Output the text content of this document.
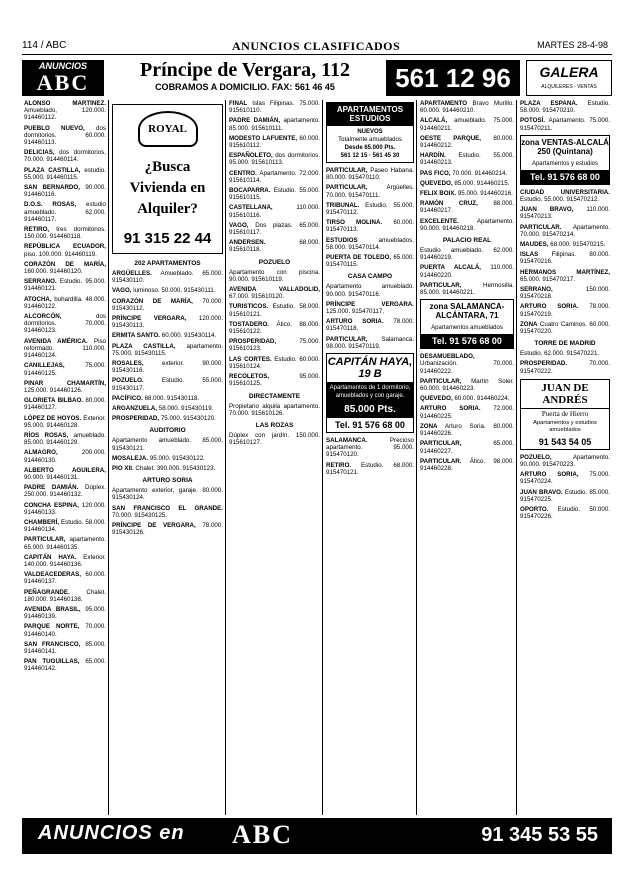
114 / ABC	ANUNCIOS CLASIFICADOS	MARTES 28-4-98
ANUNCIOS
ABC	Príncipe de Vergara, 112
COBRAMOS A DOMICILIO. FAX: 561 46 45	561 12 96	GALERA
ALQUILERES - VENTAS
ALONSO MARTÍNEZ. Amueblado, 120.000. 914460112.
PUEBLO NUEVO, dos dormitorios. 60.000. 914460113.
DELICIAS, dos dormitorios, 70.000. 914460114.
PLAZA CASTILLA, estudio. 55.000. 914460115.
SAN BERNARDO, 90.000. 914460116.
D.O.S. ROSAS, estudio amueblado. 62.000. 914460117.
RETIRO, tres dormitorios. 150.000. 914460118.
REPÚBLICA ECUADOR, piso. 100.000. 914460119.
CORAZÓN DE MARÍA, 160.000. 914460120.
SERRANO. Estudio. 95.000. 914460121.
ATOCHA, buhardilla. 48.000. 914460122.
ALCORCÓN,	dos dormitorios. 70.000. 914460123.
AVENIDA AMÉRICA. Piso reformado. 110.000. 914460124.
CANILLEJAS,	75.000. 914460125.
PINAR CHAMARTÍN, 125.000. 914460126.
GLORIETA BILBAO. 80.000. 914460127.
LÓPEZ DE HOYOS. Exterior. 95.000. 914460128.
RÍOS ROSAS, amueblado. 85.000. 914460129.
ALMAGRO,	200.000. 914460130.
ALBERTO AGUILERA, 90.000. 914460131.
PADRE DAMIÁN. Dúplex. 250.000. 914460132.
CONCHA ESPINA, 120.000. 914460133.
CHAMBERÍ, Estudio. 58.000. 914460134.
PARTICULAR, apartamento. 65.000. 914460135.
CAPITÁN HAYA. Exterior. 140.000. 914460136.
VALDEACEDERAS, 60.000. 914460137.
PEÑAGRANDE.	Chalet. 180.000. 914460138.
AVENIDA BRASIL, 95.000. 914460139.
PARQUE NORTE, 70.000. 914460140.
SAN FRANCISCO, 85.000. 914460141.
PAN TUGUILLAS, 65.000. 914460142.
ROYAL
¿Busca Vivienda en Alquiler?
91 315 22 44
202 APARTAMENTOS
ARGÜELLES. Amueblado. 65.000. 915430110.
VAGO, luminoso. 50.000. 915430111.
CORAZÓN DE MARÍA, 70.000. 915430112.
PRÍNCIPE VERGARA, 120.000. 915430113.
ERMITA SANTO. 60.000. 915430114.
PLAZA CASTILLA, apartamento. 75.000. 915430115.
ROSALES,	exterior. 90.000. 915430116.
POZUELO.	Estudio. 55.000. 915430117.
PACÍFICO. 68.000. 915430118.
ARGANZUELA, 58.000. 915430119.
PROSPERIDAD, 75.000. 915430120.
AUDITORIO
Apartamento amueblado. 85.000. 915430121.
MOSALEJA. 95.000. 915430122.
PIO XII. Chalet. 390.000. 915430123.
ARTURO SORIA
Apartamento exterior, garaje. 80.000. 915430124.
SAN FRANCISCO EL GRANDE. 70.000. 915430125.
PRÍNCIPE DE VERGARA, 78.000. 915430126.
FINAL Islas Filipinas. 75.000. 915610110.
PADRE DAMIÁN, apartamento. 85.000. 915610111.
MODESTO LAFUENTE, 60.000. 915610112.
ESPAÑOLETO, dos dormitorios. 95.000. 915610113.
CENTRO. Apartamento. 72.000. 915610114.
BOCAPARRA. Estudio. 55.000. 915610115.
CASTELLANA,	110.000. 915610116.
VAGO, Dos plazas. 65.000. 915610117.
ANDERSEN.	68.000. 915610118.
POZUELO
Apartamento con piscina. 90.000. 915610119.
AVENIDA VALLADOLID, 67.000. 915610120.
TURISTICOS. Estudio. 58.000. 915610121.
TOSTADERO. Ático. 88.000. 915610122.
PROSPERIDAD,	75.000. 915610123.
LAS CORTES. Estudio. 60.000. 915610124.
RECOLETOS,	95.000. 915610125.
DIRECTAMENTE
Propietario alquila apartamento. 70.000. 915610126.
LAS ROZAS
Dúplex con jardín. 150.000. 915610127.
APARTAMENTOS ESTUDIOS
NUEVOS
Totalmente amueblados
Desde 65.000 Pts.
561 12 15 · 561 45 30
PARTICULAR, Paseo Habana. 80.000. 915470110.
PARTICULAR,	Argüelles. 70.000. 915470111.
TRIBUNAL. Estudio. 55.000. 915470112.
TIRSO MOLINA. 60.000. 915470113.
ESTUDIOS	amueblados. 58.000. 915470114.
PUERTA DE TOLEDO, 65.000. 915470115.
CASA CAMPO
Apartamento amueblado. 90.000. 915470116.
PRÍNCIPE VERGARA. 125.000. 915470117.
ARTURO SORIA. 78.000. 915470118.
PARTICULAR, Salamanca. 98.000. 915470119.
CAPITÁN HAYA, 19 B
Apartamentos de 1 dormitorio, amueblados y con garaje.
85.000 Pts.
Tel. 91 576 68 00
SALAMANCA.	Precioso apartamento. 95.000. 915470120.
RETIRO. Estudio. 68.000. 915470121.
APARTAMENTO Bravo Murillo. 60.000. 914460210.
ALCALÁ, amueblado. 75.000. 914460211.
OESTE PARQUE, 80.000. 914460212.
HARDÍN. Estudio. 55.000. 914460213.
PAS FICO, 70.000. 914460214.
QUEVEDO, 85.000. 914460215.
FELIX BOIX. 95.000. 914460216.
RAMÓN CRUZ,	88.000. 914460217.
EXCELENTE.	Apartamento. 90.000. 914460218.
PALACIO REAL
Estudio amueblado. 62.000. 914460219.
PUERTA ALCALÁ, 110.000. 914460220.
PARTICULAR,	Hermosilla. 85.000. 914460221.
zona SALAMANCA-ALCÁNTARA, 71
Apartamentos amueblados
Tel. 91 576 68 00
DESAMUEBLADO, Urbanización. 70.000. 914460222.
PARTICULAR, Martín Soler. 60.000. 914460223.
QUEVEDO, 60.000. 914460224.
ARTURO SORIA. 72.000. 914460225.
ZONA Arturo Soria. 80.000. 914460226.
PARTICULAR,	65.000. 914460227.
PARTICULAR. Ático. 98.000. 914460228.
PLAZA ESPAÑA. Estudio. 58.000. 915470210.
POTOSÍ. Apartamento. 75.000. 915470211.
zona VENTAS-ALCALÁ 250 (Quintana)
Apartamentos y estudios
Tel. 91 576 68 00
CIUDAD UNIVERSITARIA. Estudio. 55.000. 915470212.
JUAN BRAVO, 110.000. 915470213.
PARTICULAR. Apartamento. 70.000. 915470214.
MAUDES, 68.000. 915470215.
ISLAS Filipinas. 80.000. 915470216.
HERMANOS MARTÍNEZ, 65.000. 915470217.
SERRANO,	150.000. 915470218.
ARTURO SORIA. 78.000. 915470219.
ZONA Cuatro Caminos. 60.000. 915470220.
TORRE DE MADRID
Estudio. 62.000. 915470221.
PROSPERIDAD.	70.000. 915470222.
JUAN DE ANDRÉS
Puerta de Hierro
Apartamentos y estudios amueblados
91 543 54 05
POZUELO,	Apartamento. 90.000. 915470223.
ARTURO SORIA, 75.000. 915470224.
JUAN BRAVO. Estudio. 85.000. 915470225.
OPORTO. Estudio. 50.000. 915470226.
ANUNCIOS en ABC	91 345 53 55
